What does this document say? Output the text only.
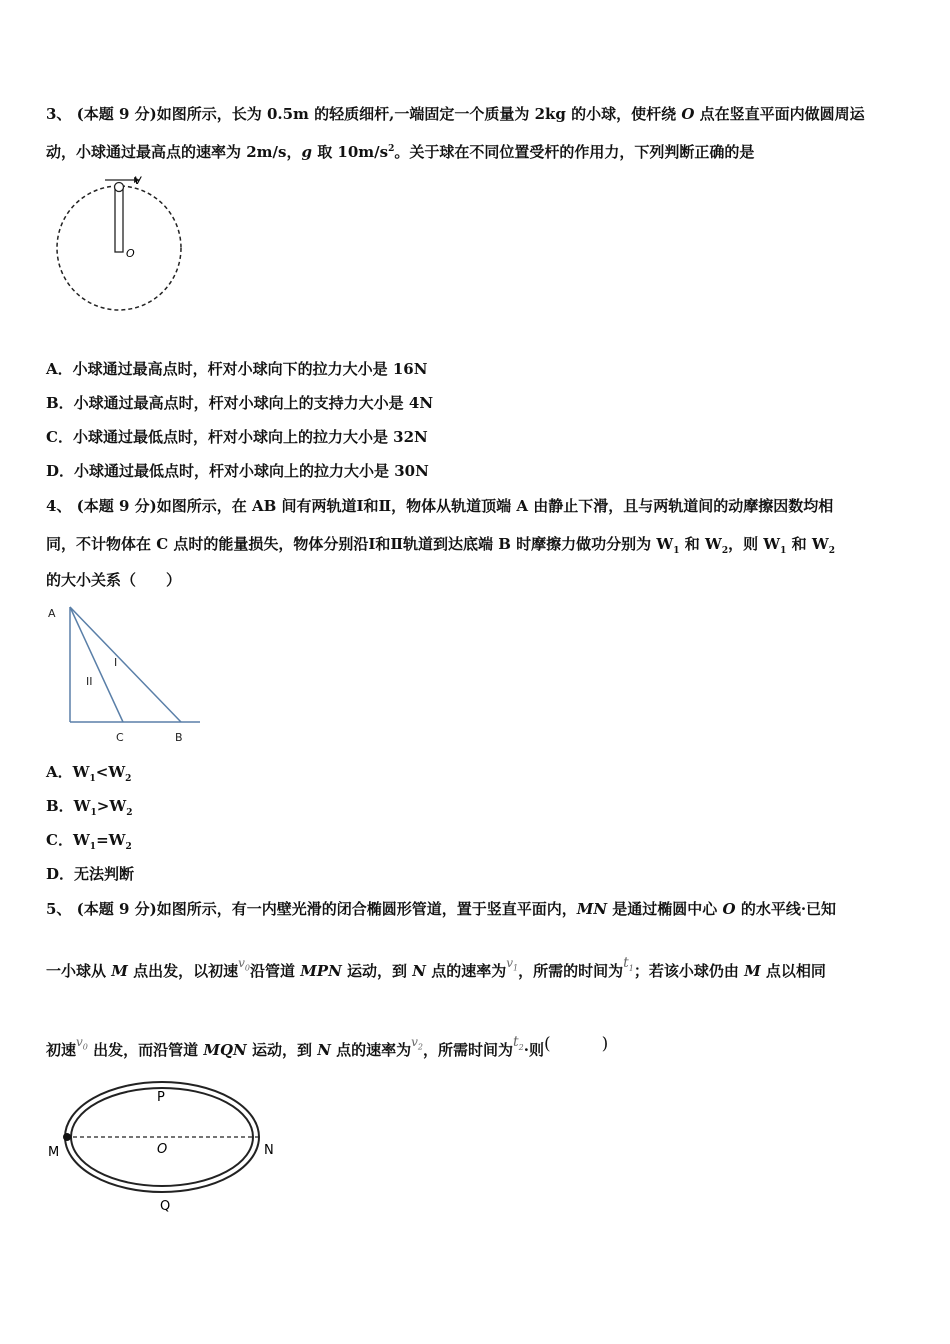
3、 (本题 9 分)如图所示，长为 0.5m 的轻质细杆,一端固定一个质量为 2kg 的小球，使杆绕 O 点在竖直平面内做圆周运
动，小球通过最高点的速率为 2m/s，g 取 $10m/s^2$。关于球在不同位置受杆的作用力，下列判断正确的是
v
O
A．小球通过最高点时，杆对小球向下的拉力大小是 16N
B．小球通过最高点时，杆对小球向上的支持力大小是 4N
C．小球通过最低点时，杆对小球向上的拉力大小是 32N
D．小球通过最低点时，杆对小球向上的拉力大小是 30N
4、 (本题 9 分)如图所示，在 AB 间有两轨道Ⅰ和Ⅱ，物体从轨道顶端 A 由静止下滑，且与两轨道间的动摩擦因数均相
同，不计物体在 C 点时的能量损失，物体分别沿Ⅰ和Ⅱ轨道到达底端 B 时摩擦力做功分别为 $W_1$ 和 $W_2$，则 $W_1$ 和 $W_2$
的大小关系（　　）
A
C	B
I
II
A．$W_1<W_2$
B．$W_1>W_2$
C．$W_1=W_2$
D．无法判断
5、 (本题 9 分)如图所示，有一内壁光滑的闭合椭圆形管道，置于竖直平面内，MN 是通过椭圆中心 O 的水平线·已知
一小球从 M 点出发，以初速$^{v_0}$沿管道 MPN 运动，到 N 点的速率为$^{v_1}$，所需的时间为$t_1$；若该小球仍由 M 点以相同
初速$^{v_0}$ 出发，而沿管道 MQN 运动，到 N 点的速率为$^{v_2}$，所需时间为$t_2\cdot$则(　　　)
M	N
P
O
Q
